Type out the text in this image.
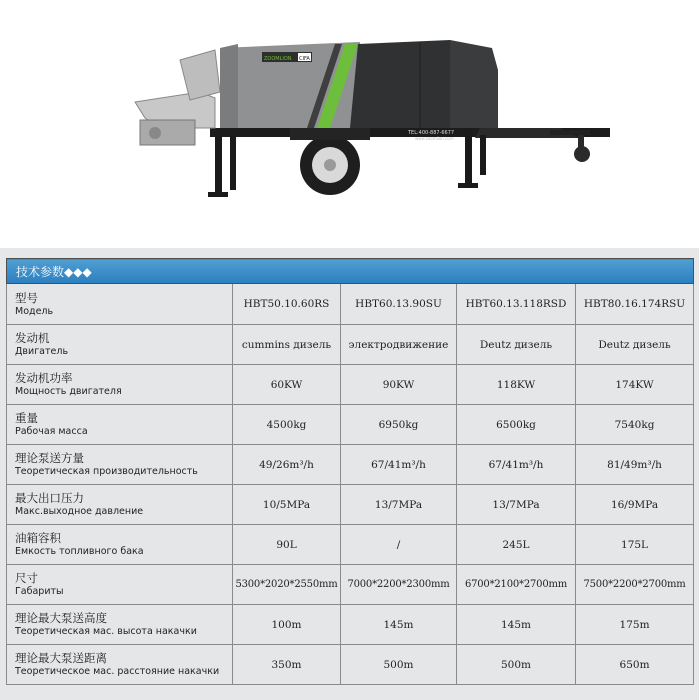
ZOOMLION CIFA
TEL:400-887-6677
www.zoomlion.com
技术参数◆◆◆				

型号
Модель	HBT50.10.60RS	HBT60.13.90SU	HBT60.13.118RSD	HBT80.16.174RSU

发动机
Двигатель	cummins дизель	электродвижение	Deutz дизель	Deutz дизель

发动机功率
Мощность двигателя	60KW	90KW	118KW	174KW

重量
Рабочая масса	4500kg	6950kg	6500kg	7540kg

理论泵送方量
Теоретическая производительность	49/26m³/h	67/41m³/h	67/41m³/h	81/49m³/h

最大出口压力
Макс.выходное давление	10/5MPa	13/7MPa	13/7MPa	16/9MPa

油箱容积
Емкость топливного бака	90L	/	245L	175L

尺寸
Габариты	5300*2020*2550mm	7000*2200*2300mm	6700*2100*2700mm	7500*2200*2700mm

理论最大泵送高度
Теоретическая мас. высота накачки	100m	145m	145m	175m

理论最大泵送距离
Теоретическое мас. расстояние накачки	350m	500m	500m	650m
